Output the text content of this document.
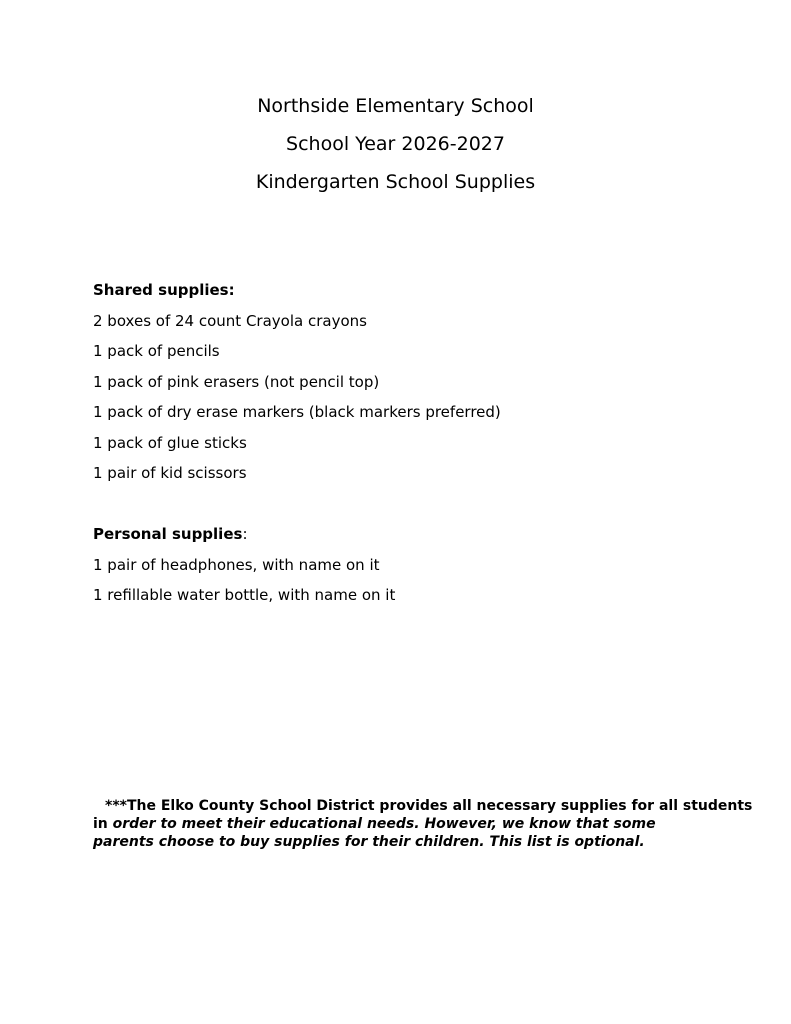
Northside Elementary School
School Year 2026-2027
Kindergarten School Supplies
Shared supplies:
2 boxes of 24 count Crayola crayons
1 pack of pencils
1 pack of pink erasers (not pencil top)
1 pack of dry erase markers (black markers preferred)
1 pack of glue sticks
1 pair of kid scissors
Personal supplies:
1 pair of headphones, with name on it
1 refillable water bottle, with name on it
***The Elko County School District provides all necessary supplies for all students
in order to meet their educational needs. However, we know that some
parents choose to buy supplies for their children. This list is optional.
